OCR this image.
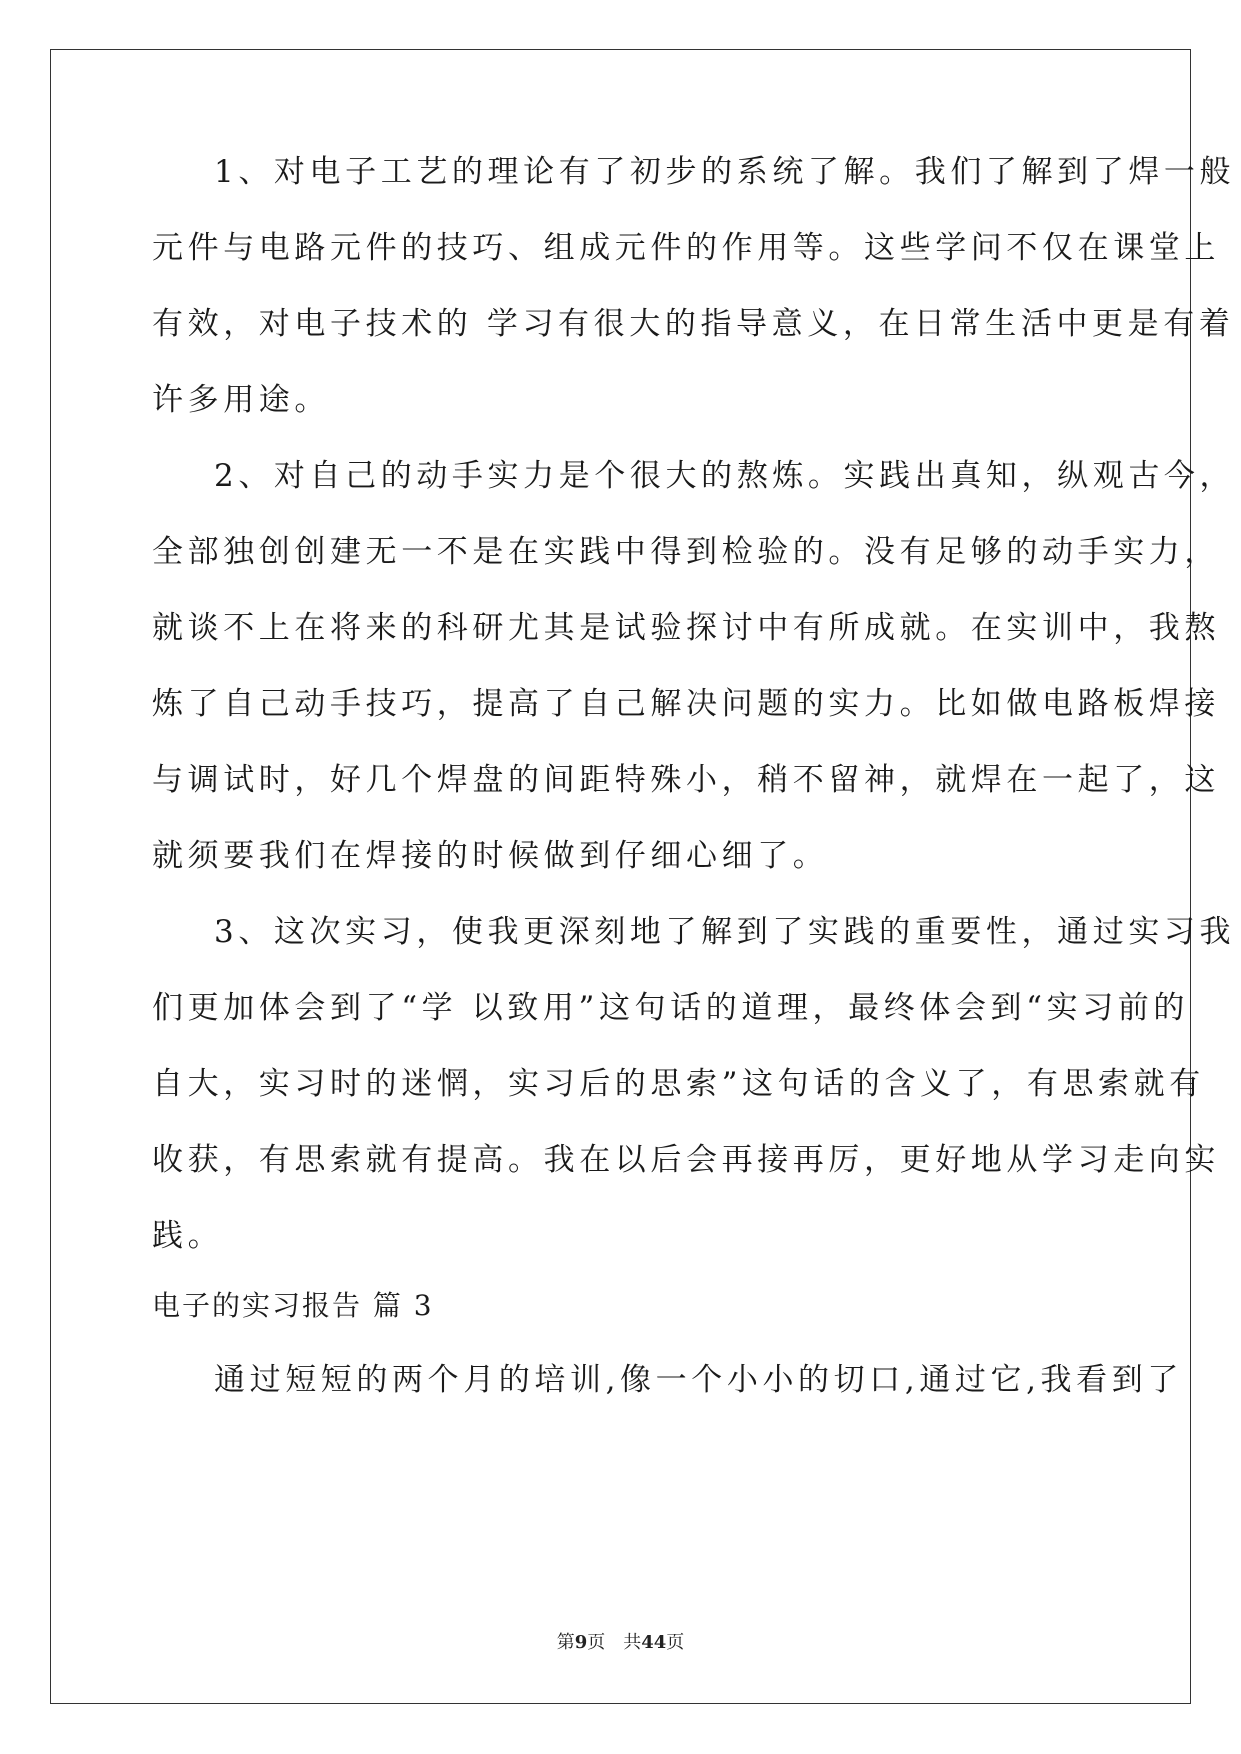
1、对电子工艺的理论有了初步的系统了解。我们了解到了焊一般
元件与电路元件的技巧、组成元件的作用等。这些学问不仅在课堂上
有效，对电子技术的 学习有很大的指导意义，在日常生活中更是有着
许多用途。
2、对自己的动手实力是个很大的熬炼。实践出真知，纵观古今，
全部独创创建无一不是在实践中得到检验的。没有足够的动手实力，
就谈不上在将来的科研尤其是试验探讨中有所成就。在实训中，我熬
炼了自己动手技巧，提高了自己解决问题的实力。比如做电路板焊接
与调试时，好几个焊盘的间距特殊小，稍不留神，就焊在一起了，这
就须要我们在焊接的时候做到仔细心细了。
3、这次实习，使我更深刻地了解到了实践的重要性，通过实习我
们更加体会到了“学 以致用”这句话的道理，最终体会到“实习前的
自大，实习时的迷惘，实习后的思索”这句话的含义了，有思索就有
收获，有思索就有提高。我在以后会再接再厉，更好地从学习走向实
践。
电子的实习报告 篇 3
通过短短的两个月的培训,像一个小小的切口,通过它,我看到了
第9页　共44页
